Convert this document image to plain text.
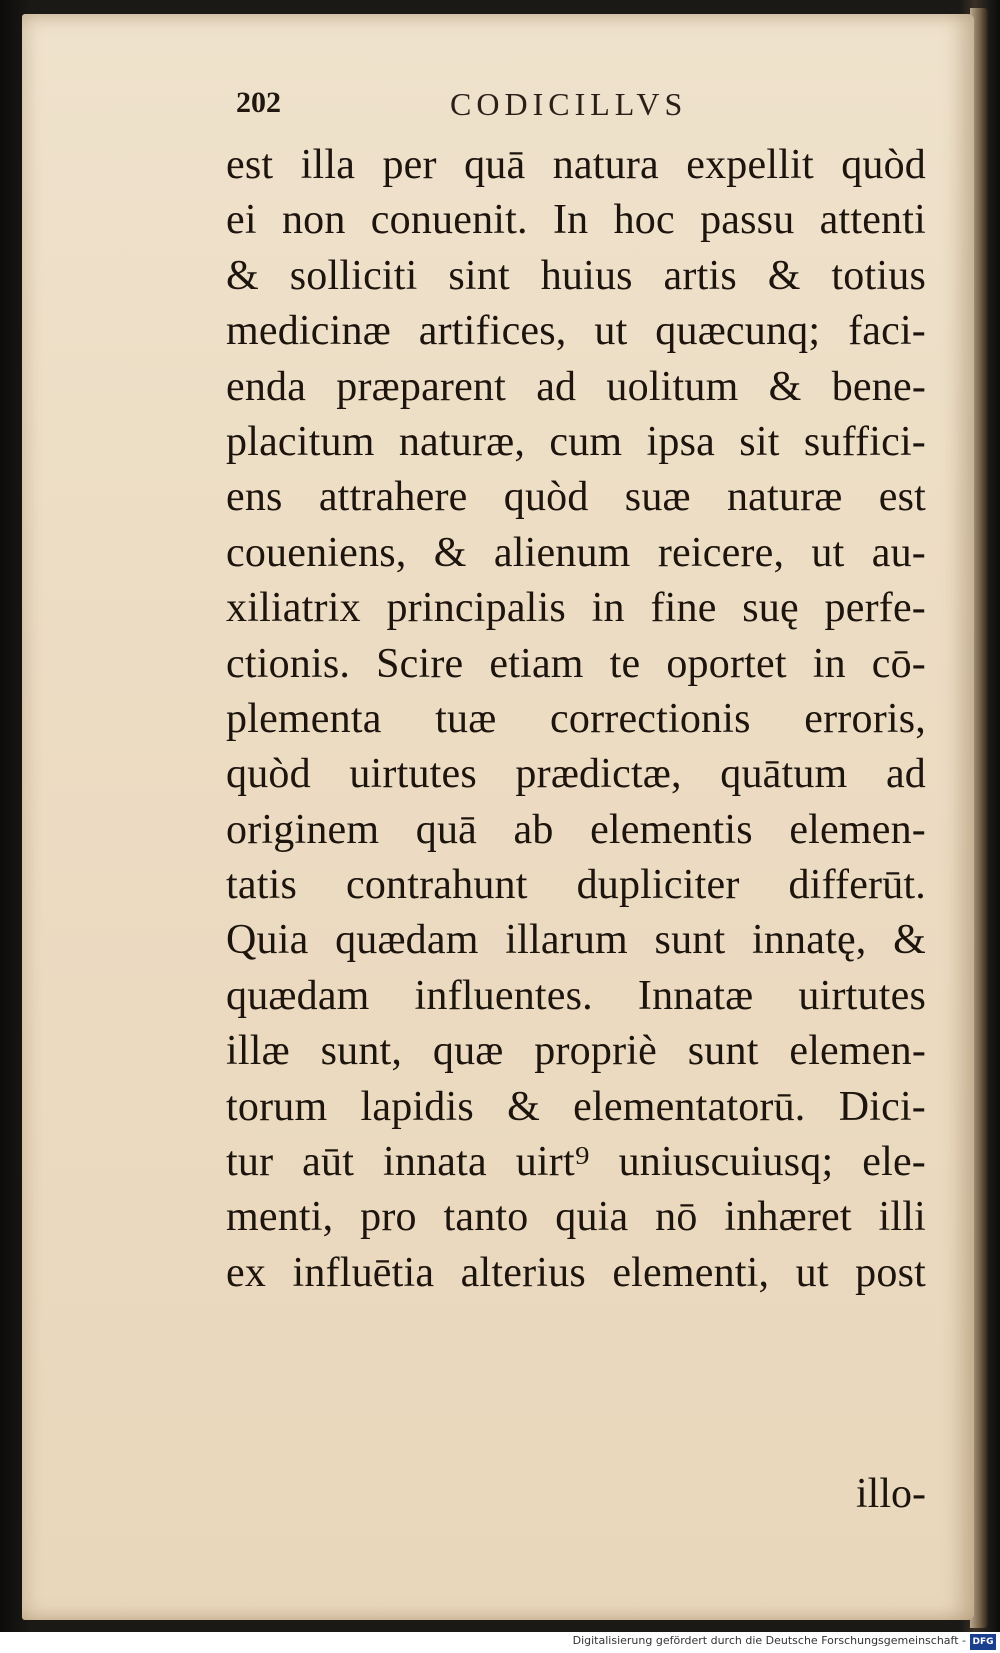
202	CODICILLVS
est illa per quā natura expellit quòd
ei non conuenit. In hoc passu attenti
& solliciti sint huius artis & totius
medicinæ artifices, ut quæcunq; faci-
enda præparent ad uolitum & bene-
placitum naturæ, cum ipsa sit suffici-
ens attrahere quòd suæ naturæ est
coueniens, & alienum reicere, ut au-
xiliatrix principalis in fine suę perfe-
ctionis. Scire etiam te oportet in cō-
plementa tuæ correctionis erroris,
quòd uirtutes prædictæ, quātum ad
originem quā ab elementis elemen-
tatis contrahunt dupliciter differūt.
Quia quædam illarum sunt innatę, &
quædam influentes. Innatæ uirtutes
illæ sunt, quæ propriè sunt elemen-
torum lapidis & elementatorū. Dici-
tur aūt innata uirt⁹ uniuscuiusq; ele-
menti, pro tanto quia nō inhæret illi
ex influētia alterius elementi, ut post
illo-
Digitalisierung gefördert durch die Deutsche Forschungsgemeinschaft - DFG
